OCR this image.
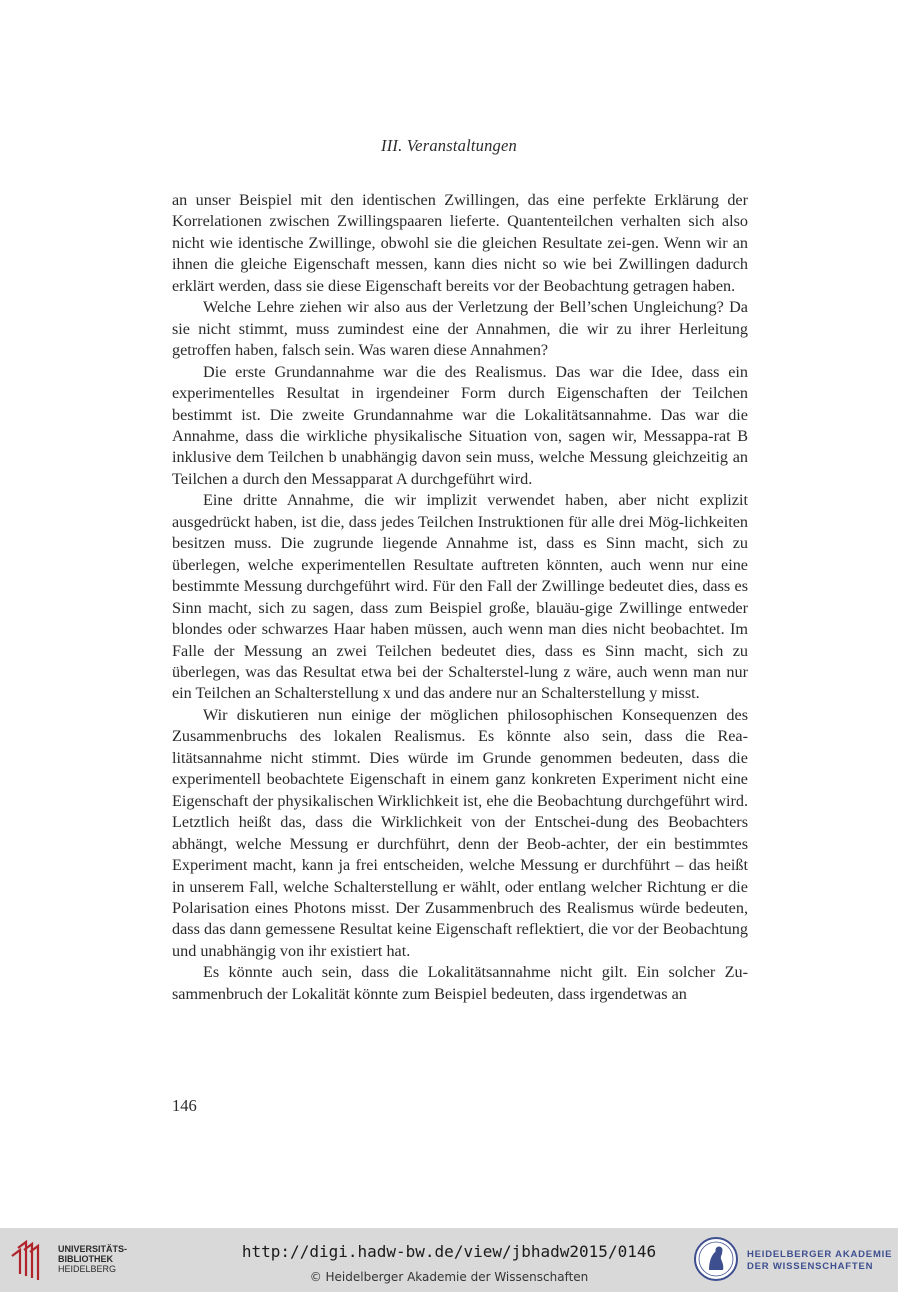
III. Veranstaltungen

an unser Beispiel mit den identischen Zwillingen, das eine perfekte Erklärung der Korrelationen zwischen Zwillingspaaren lieferte. Quantenteilchen verhalten sich also nicht wie identische Zwillinge, obwohl sie die gleichen Resultate zei-gen. Wenn wir an ihnen die gleiche Eigenschaft messen, kann dies nicht so wie bei Zwillingen dadurch erklärt werden, dass sie diese Eigenschaft bereits vor der Beobachtung getragen haben.

Welche Lehre ziehen wir also aus der Verletzung der Bell’schen Ungleichung? Da sie nicht stimmt, muss zumindest eine der Annahmen, die wir zu ihrer Herleitung getroffen haben, falsch sein. Was waren diese Annahmen?

Die erste Grundannahme war die des Realismus. Das war die Idee, dass ein experimentelles Resultat in irgendeiner Form durch Eigenschaften der Teilchen bestimmt ist. Die zweite Grundannahme war die Lokalitätsannahme. Das war die Annahme, dass die wirkliche physikalische Situation von, sagen wir, Messappa-rat B inklusive dem Teilchen b unabhängig davon sein muss, welche Messung gleichzeitig an Teilchen a durch den Messapparat A durchgeführt wird.

Eine dritte Annahme, die wir implizit verwendet haben, aber nicht explizit ausgedrückt haben, ist die, dass jedes Teilchen Instruktionen für alle drei Mög-lichkeiten besitzen muss. Die zugrunde liegende Annahme ist, dass es Sinn macht, sich zu überlegen, welche experimentellen Resultate auftreten könnten, auch wenn nur eine bestimmte Messung durchgeführt wird. Für den Fall der Zwillinge bedeutet dies, dass es Sinn macht, sich zu sagen, dass zum Beispiel große, blauäu-gige Zwillinge entweder blondes oder schwarzes Haar haben müssen, auch wenn man dies nicht beobachtet. Im Falle der Messung an zwei Teilchen bedeutet dies, dass es Sinn macht, sich zu überlegen, was das Resultat etwa bei der Schalterstel-lung z wäre, auch wenn man nur ein Teilchen an Schalterstellung x und das andere nur an Schalterstellung y misst.

Wir diskutieren nun einige der möglichen philosophischen Konsequenzen des Zusammenbruchs des lokalen Realismus. Es könnte also sein, dass die Rea-litätsannahme nicht stimmt. Dies würde im Grunde genommen bedeuten, dass die experimentell beobachtete Eigenschaft in einem ganz konkreten Experiment nicht eine Eigenschaft der physikalischen Wirklichkeit ist, ehe die Beobachtung durchgeführt wird. Letztlich heißt das, dass die Wirklichkeit von der Entschei-dung des Beobachters abhängt, welche Messung er durchführt, denn der Beob-achter, der ein bestimmtes Experiment macht, kann ja frei entscheiden, welche Messung er durchführt – das heißt in unserem Fall, welche Schalterstellung er wählt, oder entlang welcher Richtung er die Polarisation eines Photons misst. Der Zusammenbruch des Realismus würde bedeuten, dass das dann gemessene Resultat keine Eigenschaft reflektiert, die vor der Beobachtung und unabhängig von ihr existiert hat.

Es könnte auch sein, dass die Lokalitätsannahme nicht gilt. Ein solcher Zu-sammenbruch der Lokalität könnte zum Beispiel bedeuten, dass irgendetwas an

146
UNIVERSITÄTS-
BIBLIOTHEK
HEIDELBERG
http://digi.hadw-bw.de/view/jbhadw2015/0146
© Heidelberger Akademie der Wissenschaften
HEIDELBERGER AKADEMIE
DER WISSENSCHAFTEN
